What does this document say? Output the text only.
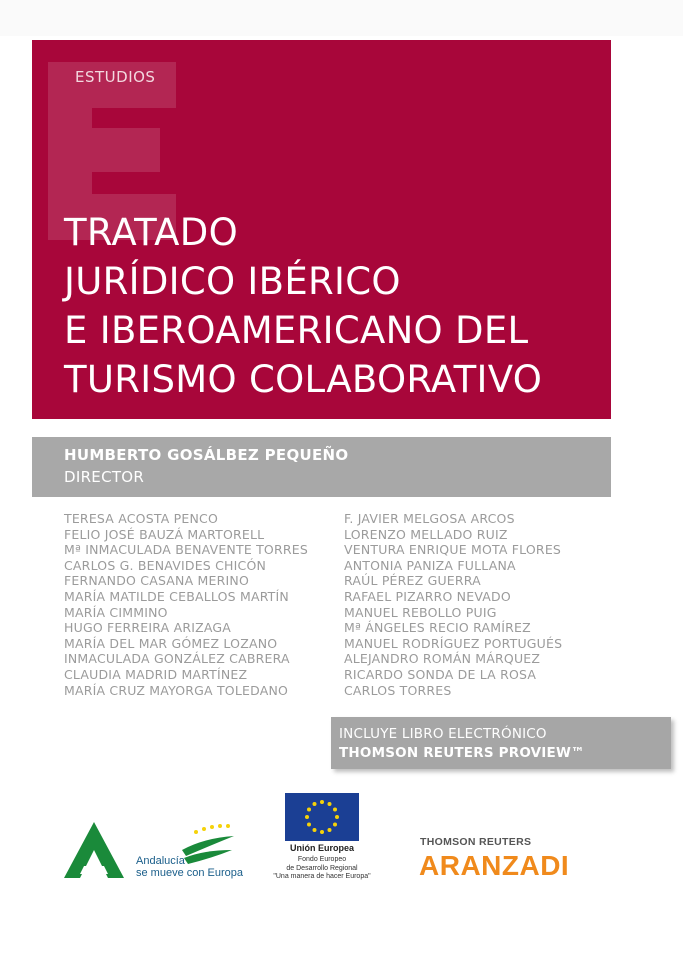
ESTUDIOS
TRATADO
JURÍDICO IBÉRICO
E IBEROAMERICANO DEL
TURISMO COLABORATIVO
HUMBERTO GOSÁLBEZ PEQUEÑO
DIRECTOR
TERESA ACOSTA PENCO
FELIO JOSÉ BAUZÁ MARTORELL
Mª INMACULADA BENAVENTE TORRES
CARLOS G. BENAVIDES CHICÓN
FERNANDO CASANA MERINO
MARÍA MATILDE CEBALLOS MARTÍN
MARÍA CIMMINO
HUGO FERREIRA ARIZAGA
MARÍA DEL MAR GÓMEZ LOZANO
INMACULADA GONZÁLEZ CABRERA
CLAUDIA MADRID MARTÍNEZ
MARÍA CRUZ MAYORGA TOLEDANO
F. JAVIER MELGOSA ARCOS
LORENZO MELLADO RUIZ
VENTURA ENRIQUE MOTA FLORES
ANTONIA PANIZA FULLANA
RAÚL PÉREZ GUERRA
RAFAEL PIZARRO NEVADO
MANUEL REBOLLO PUIG
Mª ÁNGELES RECIO RAMÍREZ
MANUEL RODRÍGUEZ PORTUGUÉS
ALEJANDRO ROMÁN MÁRQUEZ
RICARDO SONDA DE LA ROSA
CARLOS TORRES
INCLUYE LIBRO ELECTRÓNICO
THOMSON REUTERS PROVIEW™
Andalucía
se mueve con Europa
Unión Europea
Fondo Europeo
de Desarrollo Regional
"Una manera de hacer Europa"
THOMSON REUTERS
ARANZADI
